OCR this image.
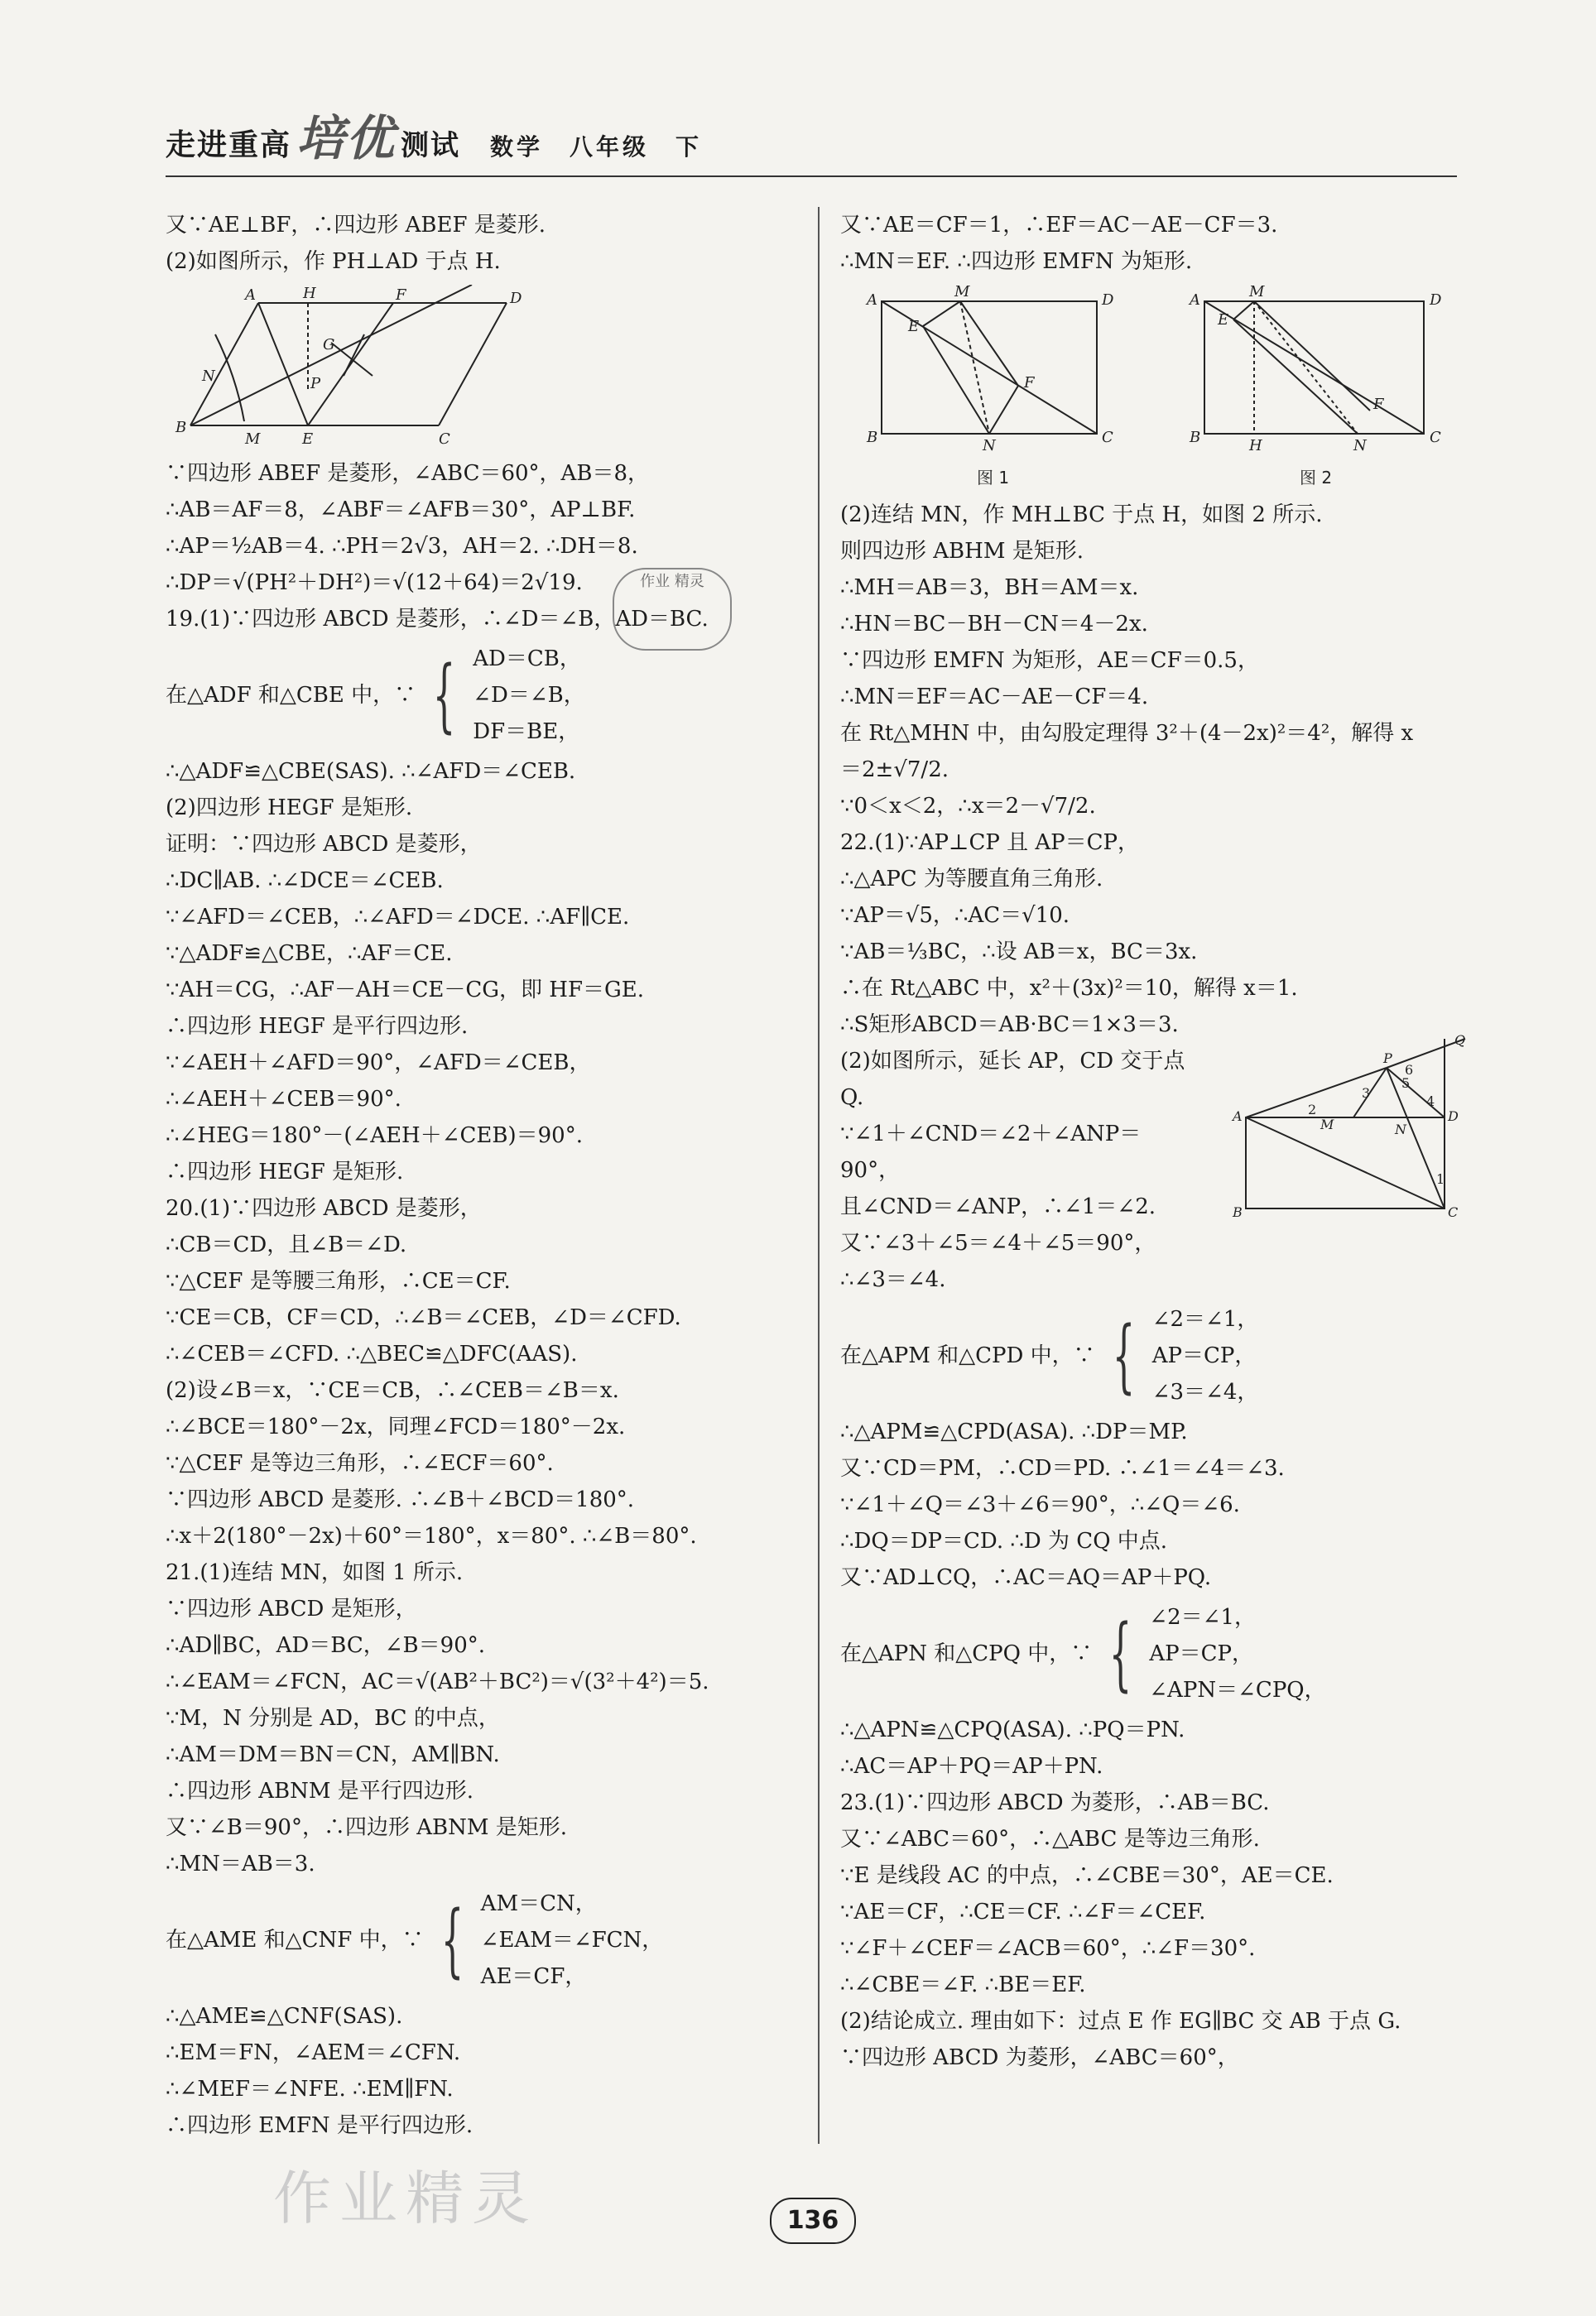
走进重高 培优 测试 数学　八年级　下
又∵AE⊥BF，∴四边形 ABEF 是菱形.
(2)如图所示，作 PH⊥AD 于点 H.
A	H	F	D
G
P
N
B
M	E	C
∵四边形 ABEF 是菱形，∠ABC＝60°，AB＝8，
∴AB＝AF＝8，∠ABF＝∠AFB＝30°，AP⊥BF.
∴AP＝½AB＝4. ∴PH＝2√3，AH＝2. ∴DH＝8.
∴DP＝√(PH²＋DH²)＝√(12＋64)＝2√19.
19.(1)∵四边形 ABCD 是菱形，∴∠D＝∠B，AD＝BC.
在△ADF 和△CBE 中，∵ { AD＝CB，
∠D＝∠B，
DF＝BE，
∴△ADF≌△CBE(SAS). ∴∠AFD＝∠CEB.
(2)四边形 HEGF 是矩形.
证明：∵四边形 ABCD 是菱形，
∴DC∥AB. ∴∠DCE＝∠CEB.
∵∠AFD＝∠CEB，∴∠AFD＝∠DCE. ∴AF∥CE.
∵△ADF≌△CBE，∴AF＝CE.
∵AH＝CG，∴AF－AH＝CE－CG，即 HF＝GE.
∴四边形 HEGF 是平行四边形.
∵∠AEH＋∠AFD＝90°，∠AFD＝∠CEB，
∴∠AEH＋∠CEB＝90°.
∴∠HEG＝180°－(∠AEH＋∠CEB)＝90°.
∴四边形 HEGF 是矩形.
20.(1)∵四边形 ABCD 是菱形，
∴CB＝CD，且∠B＝∠D.
∵△CEF 是等腰三角形，∴CE＝CF.
∵CE＝CB，CF＝CD，∴∠B＝∠CEB，∠D＝∠CFD.
∴∠CEB＝∠CFD. ∴△BEC≌△DFC(AAS).
(2)设∠B＝x，∵CE＝CB，∴∠CEB＝∠B＝x.
∴∠BCE＝180°－2x，同理∠FCD＝180°－2x.
∵△CEF 是等边三角形，∴∠ECF＝60°.
∵四边形 ABCD 是菱形. ∴∠B＋∠BCD＝180°.
∴x＋2(180°－2x)＋60°＝180°，x＝80°. ∴∠B＝80°.
21.(1)连结 MN，如图 1 所示.
∵四边形 ABCD 是矩形，
∴AD∥BC，AD＝BC，∠B＝90°.
∴∠EAM＝∠FCN，AC＝√(AB²＋BC²)＝√(3²＋4²)＝5.
∵M，N 分别是 AD，BC 的中点，
∴AM＝DM＝BN＝CN，AM∥BN.
∴四边形 ABNM 是平行四边形.
又∵∠B＝90°，∴四边形 ABNM 是矩形.
∴MN＝AB＝3.
在△AME 和△CNF 中，∵ { AM＝CN，
∠EAM＝∠FCN，
AE＝CF，
∴△AME≌△CNF(SAS).
∴EM＝FN，∠AEM＝∠CFN.
∴∠MEF＝∠NFE. ∴EM∥FN.
∴四边形 EMFN 是平行四边形.
又∵AE＝CF＝1，∴EF＝AC－AE－CF＝3.
∴MN＝EF. ∴四边形 EMFN 为矩形.
A	M	D
E
F
B	N	C
A	M	D
E
F
B	H	N	C
图 1	图 2
(2)连结 MN，作 MH⊥BC 于点 H，如图 2 所示.
则四边形 ABHM 是矩形.
∴MH＝AB＝3，BH＝AM＝x.
∴HN＝BC－BH－CN＝4－2x.
∵四边形 EMFN 为矩形，AE＝CF＝0.5，
∴MN＝EF＝AC－AE－CF＝4.
在 Rt△MHN 中，由勾股定理得 3²＋(4－2x)²＝4²，解得 x
＝2±√7/2.
∵0＜x＜2，∴x＝2－√7/2.
22.(1)∵AP⊥CP 且 AP＝CP，
∴△APC 为等腰直角三角形.
∵AP＝√5，∴AC＝√10.
∵AB＝⅓BC，∴设 AB＝x，BC＝3x.
∴在 Rt△ABC 中，x²＋(3x)²＝10，解得 x＝1.
∴S矩形ABCD＝AB·BC＝1×3＝3.
A	D
B	C
P
Q
M	N
1
2
3
4
5
6
(2)如图所示，延长 AP，CD 交于点
Q.
∵∠1＋∠CND＝∠2＋∠ANP＝
90°，
且∠CND＝∠ANP，∴∠1＝∠2.
又∵∠3＋∠5＝∠4＋∠5＝90°，
∴∠3＝∠4.
在△APM 和△CPD 中，∵ { ∠2＝∠1，
AP＝CP，
∠3＝∠4，
∴△APM≌△CPD(ASA). ∴DP＝MP.
又∵CD＝PM，∴CD＝PD. ∴∠1＝∠4＝∠3.
∵∠1＋∠Q＝∠3＋∠6＝90°，∴∠Q＝∠6.
∴DQ＝DP＝CD. ∴D 为 CQ 中点.
又∵AD⊥CQ，∴AC＝AQ＝AP＋PQ.
在△APN 和△CPQ 中，∵ { ∠2＝∠1，
AP＝CP，
∠APN＝∠CPQ，
∴△APN≌△CPQ(ASA). ∴PQ＝PN.
∴AC＝AP＋PQ＝AP＋PN.
23.(1)∵四边形 ABCD 为菱形，∴AB＝BC.
又∵∠ABC＝60°，∴△ABC 是等边三角形.
∵E 是线段 AC 的中点，∴∠CBE＝30°，AE＝CE.
∵AE＝CF，∴CE＝CF. ∴∠F＝∠CEF.
∵∠F＋∠CEF＝∠ACB＝60°，∴∠F＝30°.
∴∠CBE＝∠F. ∴BE＝EF.
(2)结论成立. 理由如下：过点 E 作 EG∥BC 交 AB 于点 G.
∵四边形 ABCD 为菱形，∠ABC＝60°，
作业 精灵
作业精灵	136
